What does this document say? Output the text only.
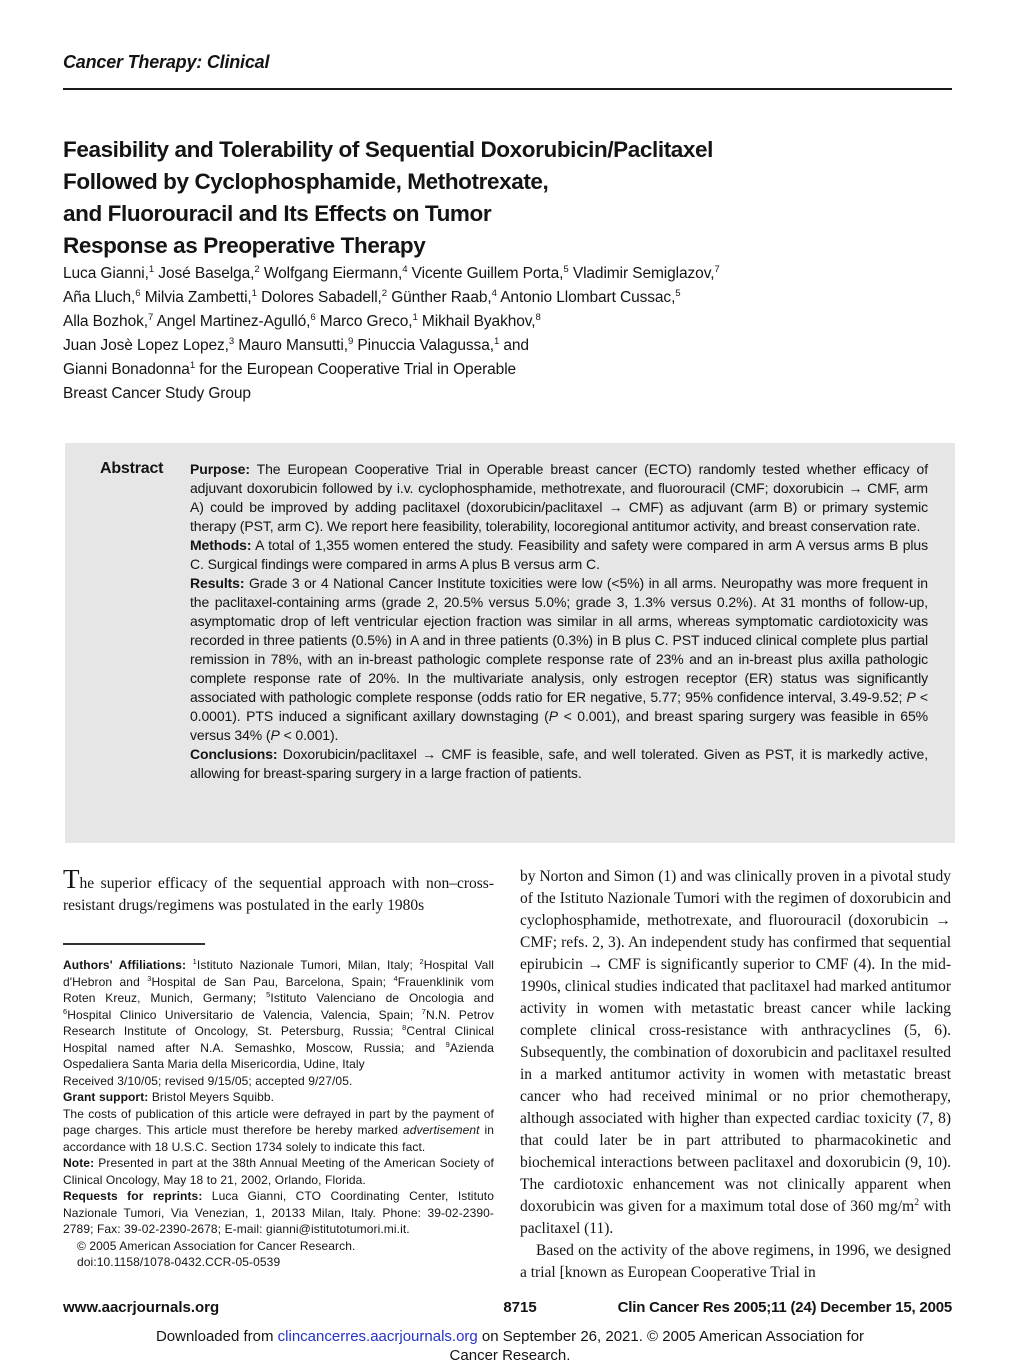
Cancer Therapy: Clinical
Feasibility and Tolerability of Sequential Doxorubicin/Paclitaxel
Followed by Cyclophosphamide, Methotrexate,
and Fluorouracil and Its Effects on Tumor
Response as Preoperative Therapy
Luca Gianni,$^1$ José Baselga,$^2$ Wolfgang Eiermann,$^4$ Vicente Guillem Porta,$^5$ Vladimir Semiglazov,$^7$
Aña Lluch,$^6$ Milvia Zambetti,$^1$ Dolores Sabadell,$^2$ Günther Raab,$^4$ Antonio Llombart Cussac,$^5$
Alla Bozhok,$^7$ Angel Martinez-Agulló,$^6$ Marco Greco,$^1$ Mikhail Byakhov,$^8$
Juan Josè Lopez Lopez,$^3$ Mauro Mansutti,$^9$ Pinuccia Valagussa,$^1$ and
Gianni Bonadonna$^1$ for the European Cooperative Trial in Operable
Breast Cancer Study Group
Abstract Purpose: The European Cooperative Trial in Operable breast cancer (ECTO) randomly tested whether efficacy of adjuvant doxorubicin followed by i.v. cyclophosphamide, methotrexate, and fluorouracil (CMF; doxorubicin → CMF, arm A) could be improved by adding paclitaxel (doxorubicin/paclitaxel → CMF) as adjuvant (arm B) or primary systemic therapy (PST, arm C). We report here feasibility, tolerability, locoregional antitumor activity, and breast conservation rate.

Methods: A total of 1,355 women entered the study. Feasibility and safety were compared in arm A versus arms B plus C. Surgical findings were compared in arms A plus B versus arm C.

Results: Grade 3 or 4 National Cancer Institute toxicities were low (<5%) in all arms. Neuropathy was more frequent in the paclitaxel-containing arms (grade 2, 20.5% versus 5.0%; grade 3, 1.3% versus 0.2%). At 31 months of follow-up, asymptomatic drop of left ventricular ejection fraction was similar in all arms, whereas symptomatic cardiotoxicity was recorded in three patients (0.5%) in A and in three patients (0.3%) in B plus C. PST induced clinical complete plus partial remission in 78%, with an in-breast pathologic complete response rate of 23% and an in-breast plus axilla pathologic complete response rate of 20%. In the multivariate analysis, only estrogen receptor (ER) status was significantly associated with pathologic complete response (odds ratio for ER negative, 5.77; 95% confidence interval, 3.49-9.52; P < 0.0001). PTS induced a significant axillary downstaging (P < 0.001), and breast sparing surgery was feasible in 65% versus 34% (P < 0.001).

Conclusions: Doxorubicin/paclitaxel → CMF is feasible, safe, and well tolerated. Given as PST, it is markedly active, allowing for breast-sparing surgery in a large fraction of patients.

The superior efficacy of the sequential approach with non–cross-resistant drugs/regimens was postulated in the early 1980s

Authors' Affiliations: $^1$Istituto Nazionale Tumori, Milan, Italy; $^2$Hospital Vall d'Hebron and $^3$Hospital de San Pau, Barcelona, Spain; $^4$Frauenklinik vom Roten Kreuz, Munich, Germany; $^5$Istituto Valenciano de Oncologia and $^6$Hospital Clinico Universitario de Valencia, Valencia, Spain; $^7$N.N. Petrov Research Institute of Oncology, St. Petersburg, Russia; $^8$Central Clinical Hospital named after N.A. Semashko, Moscow, Russia; and $^9$Azienda Ospedaliera Santa Maria della Misericordia, Udine, Italy

Received 3/10/05; revised 9/15/05; accepted 9/27/05.

Grant support: Bristol Meyers Squibb.

The costs of publication of this article were defrayed in part by the payment of page charges. This article must therefore be hereby marked advertisement in accordance with 18 U.S.C. Section 1734 solely to indicate this fact.

Note: Presented in part at the 38th Annual Meeting of the American Society of Clinical Oncology, May 18 to 21, 2002, Orlando, Florida.

Requests for reprints: Luca Gianni, CTO Coordinating Center, Istituto Nazionale Tumori, Via Venezian, 1, 20133 Milan, Italy. Phone: 39-02-2390-2789; Fax: 39-02-2390-2678; E-mail: gianni@istitutotumori.mi.it.

© 2005 American Association for Cancer Research.

doi:10.1158/1078-0432.CCR-05-0539

by Norton and Simon (1) and was clinically proven in a pivotal study of the Istituto Nazionale Tumori with the regimen of doxorubicin and cyclophosphamide, methotrexate, and fluorouracil (doxorubicin → CMF; refs. 2, 3). An independent study has confirmed that sequential epirubicin → CMF is significantly superior to CMF (4). In the mid-1990s, clinical studies indicated that paclitaxel had marked antitumor activity in women with metastatic breast cancer while lacking complete clinical cross-resistance with anthracyclines (5, 6). Subsequently, the combination of doxorubicin and paclitaxel resulted in a marked antitumor activity in women with metastatic breast cancer who had received minimal or no prior chemotherapy, although associated with higher than expected cardiac toxicity (7, 8) that could later be in part attributed to pharmacokinetic and biochemical interactions between paclitaxel and doxorubicin (9, 10). The cardiotoxic enhancement was not clinically apparent when doxorubicin was given for a maximum total dose of 360 $mg/m^2$ with paclitaxel (11).

Based on the activity of the above regimens, in 1996, we designed a trial [known as European Cooperative Trial in

www.aacrjournals.org	8715	Clin Cancer Res 2005;11 (24) December 15, 2005
Downloaded from clincancerres.aacrjournals.org on September 26, 2021. © 2005 American Association for Cancer Research.
